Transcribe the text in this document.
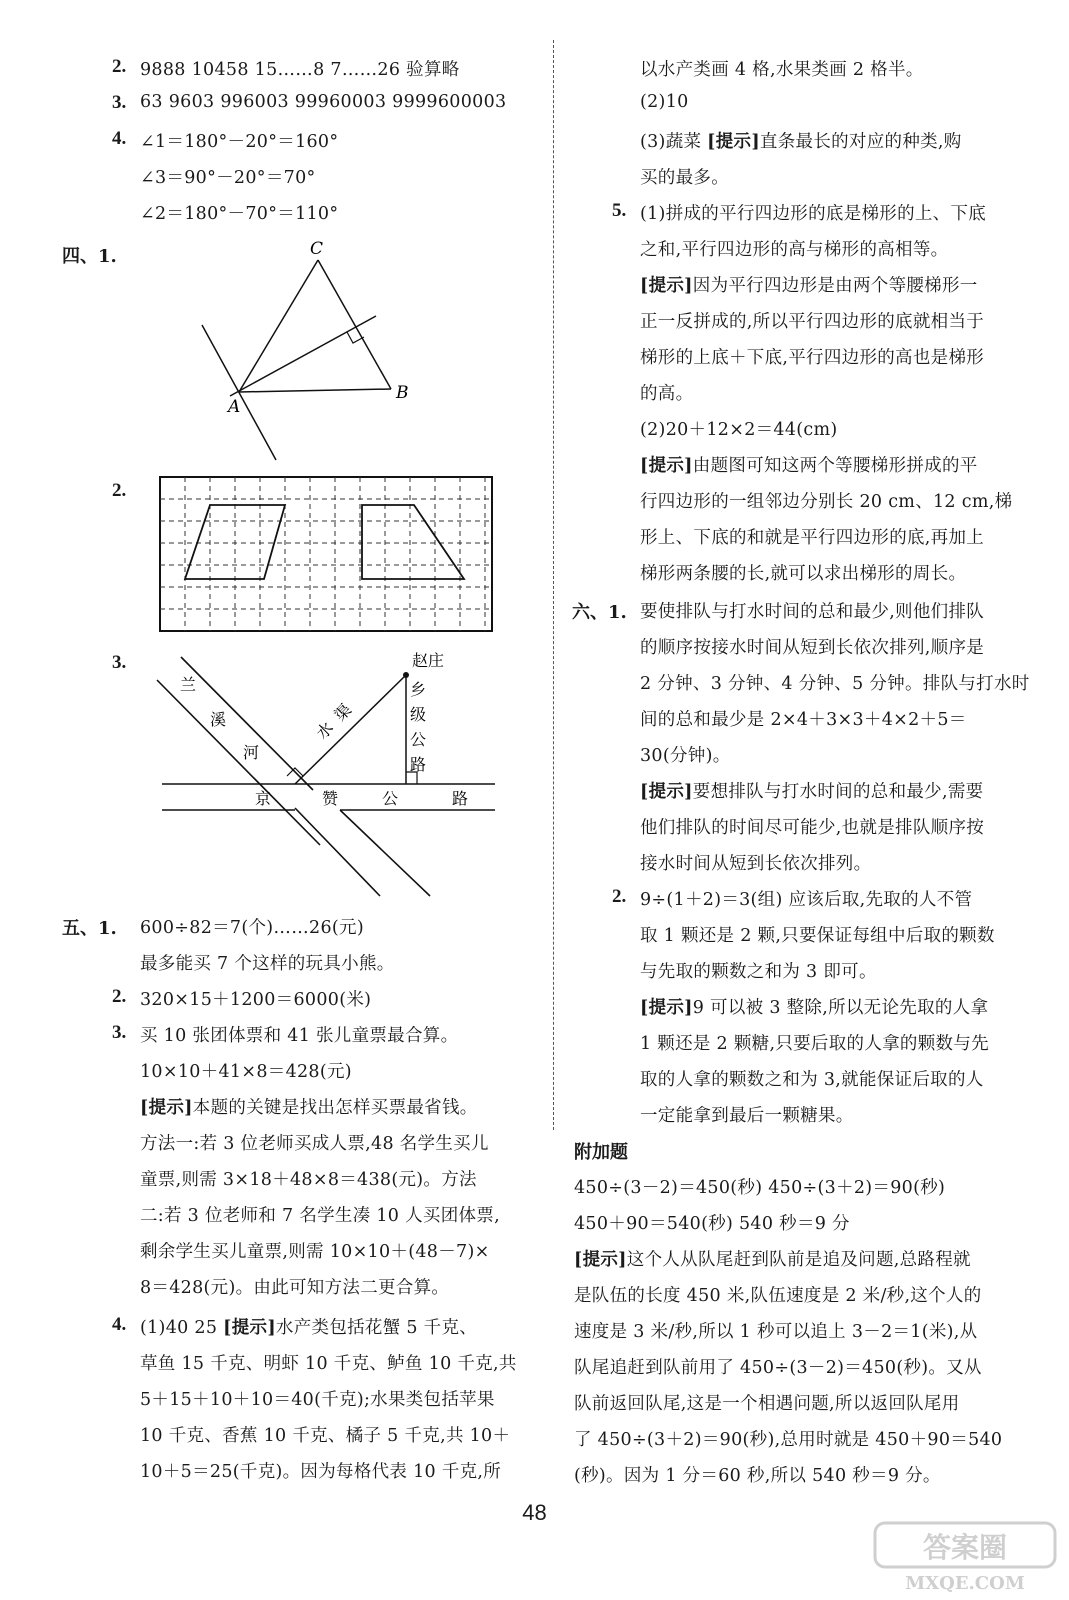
2. 9888 10458 15……8 7……26 验算略
3. 63 9603 996003 99960003 9999600003
4. ∠1＝180°－20°＝160°
∠3＝90°－20°＝70°
∠2＝180°－70°＝110°
四、1.	C
A
B
2.
3.
兰
溪
河
水
渠
赵庄
乡
级
公
路
京	赞	公	路
五、1. 600÷82＝7(个)……26(元)
最多能买 7 个这样的玩具小熊。
2. 320×15＋1200＝6000(米)
3. 买 10 张团体票和 41 张儿童票最合算。
10×10＋41×8＝428(元)
[提示]本题的关键是找出怎样买票最省钱。
方法一:若 3 位老师买成人票,48 名学生买儿
童票,则需 3×18＋48×8＝438(元)。方法
二:若 3 位老师和 7 名学生凑 10 人买团体票,
剩余学生买儿童票,则需 10×10＋(48－7)×
8＝428(元)。由此可知方法二更合算。
4. (1)40 25 [提示]水产类包括花蟹 5 千克、
草鱼 15 千克、明虾 10 千克、鲈鱼 10 千克,共
5＋15＋10＋10＝40(千克);水果类包括苹果
10 千克、香蕉 10 千克、橘子 5 千克,共 10＋
10＋5＝25(千克)。因为每格代表 10 千克,所
以水产类画 4 格,水果类画 2 格半。
(2)10
(3)蔬菜 [提示]直条最长的对应的种类,购
买的最多。
5. (1)拼成的平行四边形的底是梯形的上、下底
之和,平行四边形的高与梯形的高相等。
[提示]因为平行四边形是由两个等腰梯形一
正一反拼成的,所以平行四边形的底就相当于
梯形的上底＋下底,平行四边形的高也是梯形
的高。
(2)20＋12×2＝44(cm)
[提示]由题图可知这两个等腰梯形拼成的平
行四边形的一组邻边分别长 20 cm、12 cm,梯
形上、下底的和就是平行四边形的底,再加上
梯形两条腰的长,就可以求出梯形的周长。
六、1. 要使排队与打水时间的总和最少,则他们排队
的顺序按接水时间从短到长依次排列,顺序是
2 分钟、3 分钟、4 分钟、5 分钟。排队与打水时
间的总和最少是 2×4＋3×3＋4×2＋5＝
30(分钟)。
[提示]要想排队与打水时间的总和最少,需要
他们排队的时间尽可能少,也就是排队顺序按
接水时间从短到长依次排列。
2. 9÷(1＋2)＝3(组) 应该后取,先取的人不管
取 1 颗还是 2 颗,只要保证每组中后取的颗数
与先取的颗数之和为 3 即可。
[提示]9 可以被 3 整除,所以无论先取的人拿
1 颗还是 2 颗糖,只要后取的人拿的颗数与先
取的人拿的颗数之和为 3,就能保证后取的人
一定能拿到最后一颗糖果。
附加题
450÷(3－2)＝450(秒) 450÷(3＋2)＝90(秒)
450＋90＝540(秒) 540 秒＝9 分
[提示]这个人从队尾赶到队前是追及问题,总路程就
是队伍的长度 450 米,队伍速度是 2 米/秒,这个人的
速度是 3 米/秒,所以 1 秒可以追上 3－2＝1(米),从
队尾追赶到队前用了 450÷(3－2)＝450(秒)。又从
队前返回队尾,这是一个相遇问题,所以返回队尾用
了 450÷(3＋2)＝90(秒),总用时就是 450＋90＝540
(秒)。因为 1 分＝60 秒,所以 540 秒＝9 分。
48
答案圈
MXQE.COM
